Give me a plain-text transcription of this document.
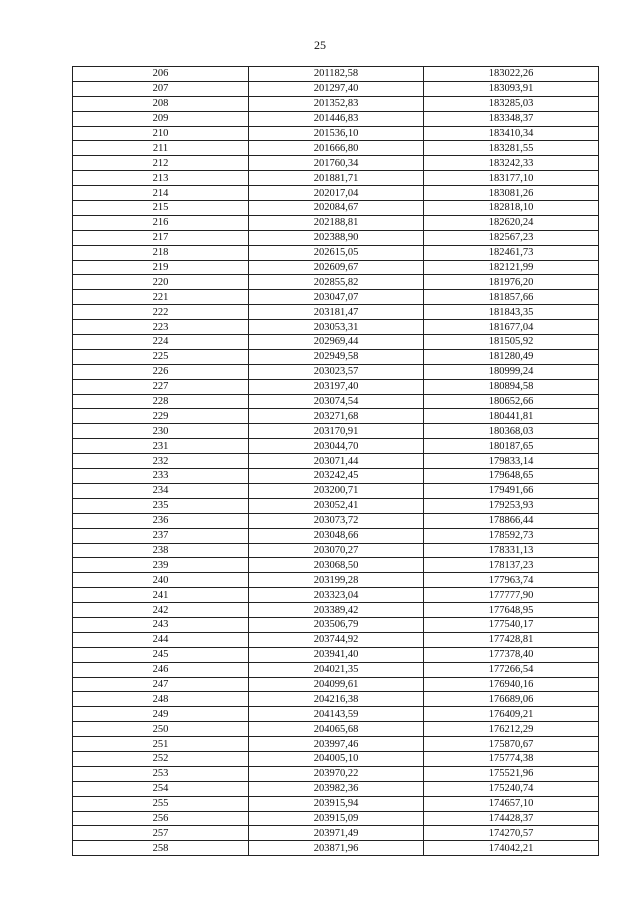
25
206	201182,58	183022,26
207	201297,40	183093,91
208	201352,83	183285,03
209	201446,83	183348,37
210	201536,10	183410,34
211	201666,80	183281,55
212	201760,34	183242,33
213	201881,71	183177,10
214	202017,04	183081,26
215	202084,67	182818,10
216	202188,81	182620,24
217	202388,90	182567,23
218	202615,05	182461,73
219	202609,67	182121,99
220	202855,82	181976,20
221	203047,07	181857,66
222	203181,47	181843,35
223	203053,31	181677,04
224	202969,44	181505,92
225	202949,58	181280,49
226	203023,57	180999,24
227	203197,40	180894,58
228	203074,54	180652,66
229	203271,68	180441,81
230	203170,91	180368,03
231	203044,70	180187,65
232	203071,44	179833,14
233	203242,45	179648,65
234	203200,71	179491,66
235	203052,41	179253,93
236	203073,72	178866,44
237	203048,66	178592,73
238	203070,27	178331,13
239	203068,50	178137,23
240	203199,28	177963,74
241	203323,04	177777,90
242	203389,42	177648,95
243	203506,79	177540,17
244	203744,92	177428,81
245	203941,40	177378,40
246	204021,35	177266,54
247	204099,61	176940,16
248	204216,38	176689,06
249	204143,59	176409,21
250	204065,68	176212,29
251	203997,46	175870,67
252	204005,10	175774,38
253	203970,22	175521,96
254	203982,36	175240,74
255	203915,94	174657,10
256	203915,09	174428,37
257	203971,49	174270,57
258	203871,96	174042,21
